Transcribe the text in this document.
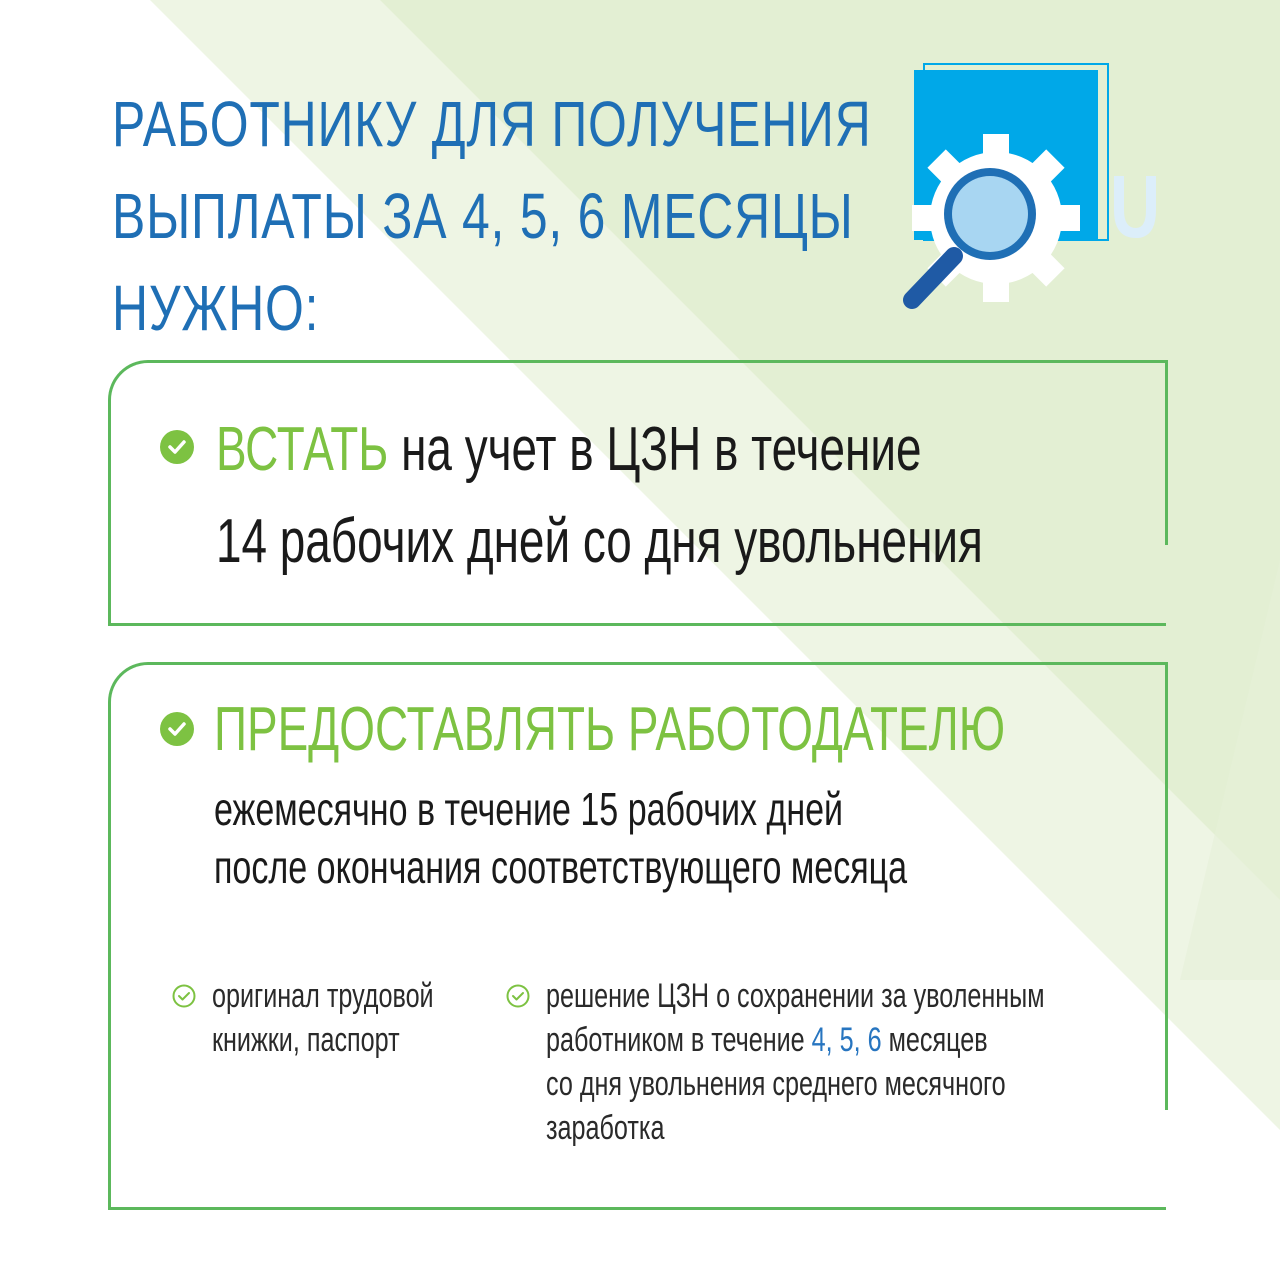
РАБОТНИКУ ДЛЯ ПОЛУЧЕНИЯ
ВЫПЛАТЫ ЗА 4, 5, 6 МЕСЯЦЫ
НУЖНО:
ВСТАТЬ на учет в ЦЗН в течение
14 рабочих дней со дня увольнения
ПРЕДОСТАВЛЯТЬ РАБОТОДАТЕЛЮ
ежемесячно в течение 15 рабочих дней
после окончания соответствующего месяца
оригинал трудовой
книжки, паспорт
решение ЦЗН о сохранении за уволенным
работником в течение 4, 5, 6 месяцев
со дня увольнения среднего месячного
заработка
